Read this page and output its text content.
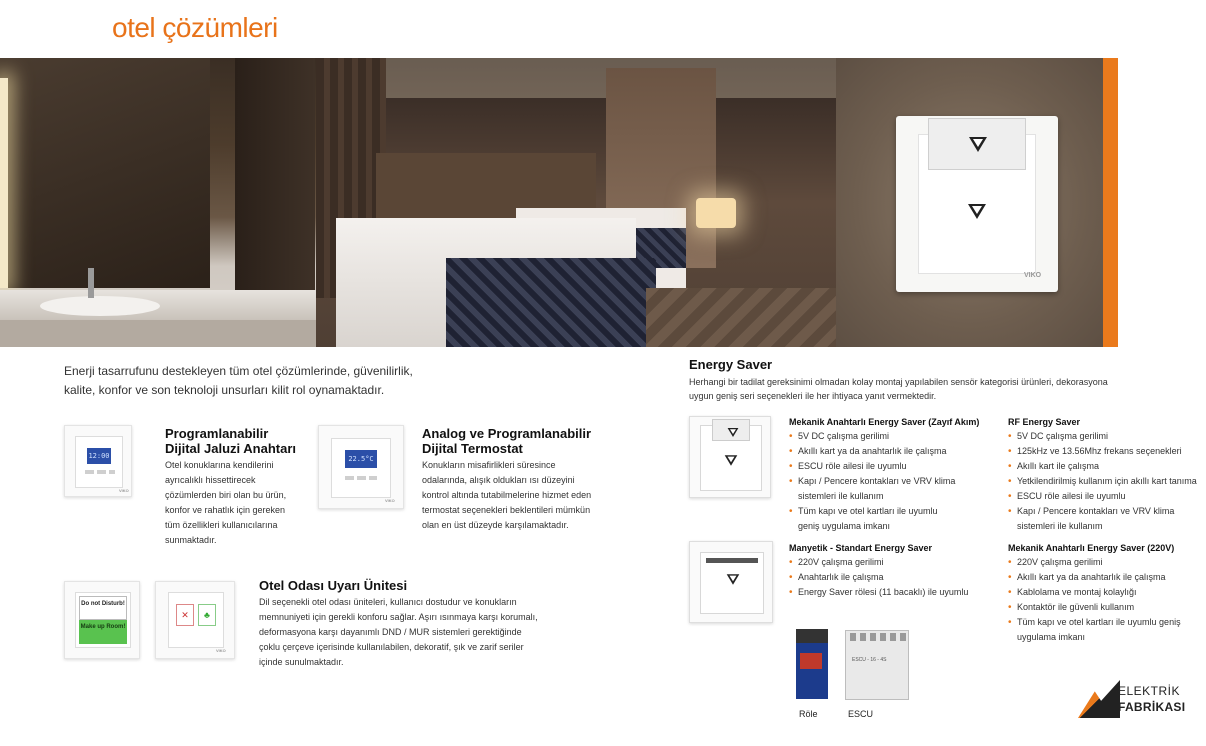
otel çözümleri
VIKO
Enerji tasarrufunu destekleyen tüm otel çözümlerinde, güvenilirlik, kalite, konfor ve son teknoloji unsurları kilit rol oynamaktadır.
12:00
VIKO
Programlanabilir
Dijital Jaluzi Anahtarı
Otel konuklarına kendilerini ayrıcalıklı hissettirecek çözümlerden biri olan bu ürün, konfor ve rahatlık için gereken tüm özellikleri kullanıcılarına sunmaktadır.
22.5°C
VIKO
Analog ve Programlanabilir
Dijital Termostat
Konukların misafirlikleri süresince odalarında, alışık oldukları ısı düzeyini kontrol altında tutabilmelerine hizmet eden termostat seçenekleri beklentileri mümkün olan en üst düzeyde karşılamaktadır.
Do not Disturb!
Make up Room!
✕	♣
VIKO
Otel Odası Uyarı Ünitesi
Dil seçenekli otel odası üniteleri, kullanıcı dostudur ve konukların memnuniyeti için gerekli konforu sağlar. Aşırı ısınmaya karşı korumalı, deformasyona karşı dayanımlı DND / MUR sistemleri gerektiğinde çoklu çerçeve içerisinde kullanılabilen, dekoratif, şık ve zarif seriler içinde sunulmaktadır.
Energy Saver
Herhangi bir tadilat gereksinimi olmadan kolay montaj yapılabilen sensör kategorisi ürünleri, dekorasyona uygun geniş seri seçenekleri ile her ihtiyaca yanıt vermektedir.
Mekanik Anahtarlı Energy Saver (Zayıf Akım)
• 5V DC çalışma gerilimi
• Akıllı kart ya da anahtarlık ile çalışma
• ESCU röle ailesi ile uyumlu
• Kapı / Pencere kontakları ve VRV klima sistemleri ile kullanım
• Tüm kapı ve otel kartları ile uyumlu geniş uygulama imkanı
RF Energy Saver
• 5V DC çalışma gerilimi
• 125kHz ve 13.56Mhz frekans seçenekleri
• Akıllı kart ile çalışma
• Yetkilendirilmiş kullanım için akıllı kart tanıma
• ESCU röle ailesi ile uyumlu
• Kapı / Pencere kontakları ve VRV klima sistemleri ile kullanım
Manyetik - Standart Energy Saver
• 220V çalışma gerilimi
• Anahtarlık ile çalışma
• Energy Saver rölesi (11 bacaklı) ile uyumlu
Mekanik Anahtarlı Energy Saver (220V)
• 220V çalışma gerilimi
• Akıllı kart ya da anahtarlık ile çalışma
• Kablolama ve montaj kolaylığı
• Kontaktör ile güvenli kullanım
• Tüm kapı ve otel kartları ile uyumlu geniş uygulama imkanı
Röle
ESCU - 16 - 4S
ESCU
ELEKTRİK
FABRİKASI
